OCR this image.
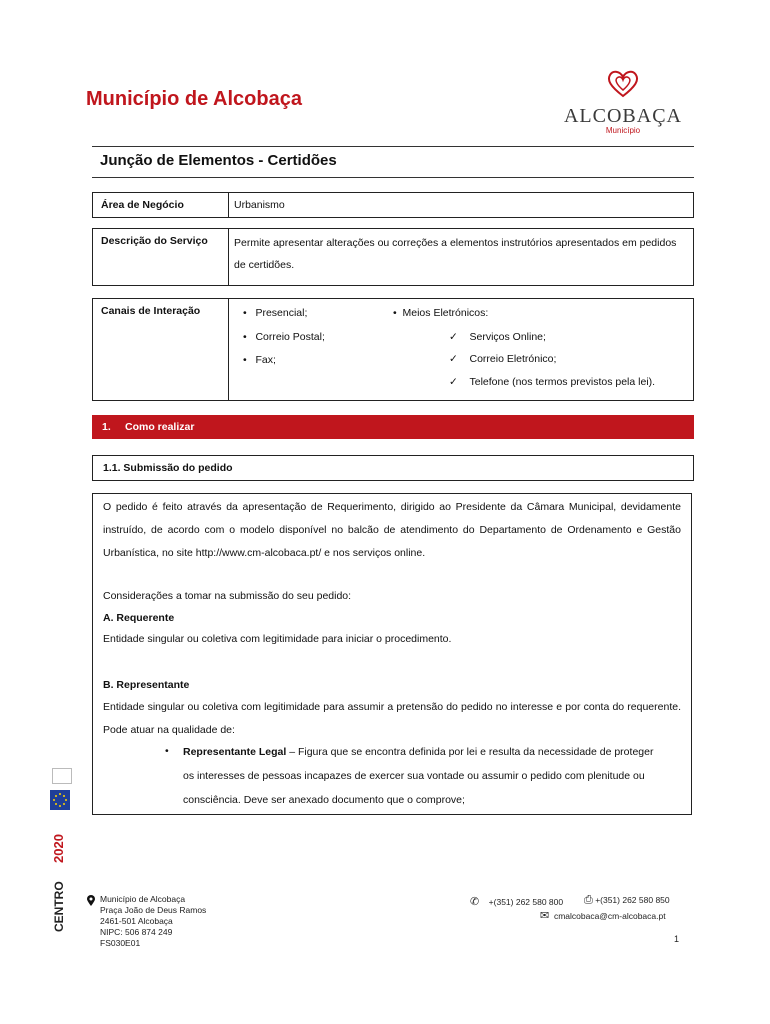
Município de Alcobaça
ALCOBAÇA
Município
Junção de Elementos - Certidões
Área de Negócio	Urbanismo
Descrição do Serviço	Permite apresentar alterações ou correções a elementos instrutórios apresentados em pedidos de certidões.
Canais de Interação	•   Presencial;
•   Correio Postal;
•   Fax;
•  Meios Eletrónicos:
✓ Serviços Online;
✓ Correio Eletrónico;
✓ Telefone (nos termos previstos pela lei).
1. Como realizar
1.1. Submissão do pedido
O pedido é feito através da apresentação de Requerimento, dirigido ao Presidente da Câmara Municipal, devidamente instruído, de acordo com o modelo disponível no balcão de atendimento do Departamento de Ordenamento e Gestão Urbanística, no site http://www.cm-alcobaca.pt/ e nos serviços online.
Considerações a tomar na submissão do seu pedido:
A. Requerente
Entidade singular ou coletiva com legitimidade para iniciar o procedimento.
B. Representante
Entidade singular ou coletiva com legitimidade para assumir a pretensão do pedido no interesse e por conta do requerente. Pode atuar na qualidade de:
•	Representante Legal – Figura que se encontra definida por lei e resulta da necessidade de proteger os interesses de pessoas incapazes de exercer sua vontade ou assumir o pedido com plenitude ou consciência. Deve ser anexado documento que o comprove;
2020
CENTRO	Município de Alcobaça
Praça João de Deus Ramos
2461-501 Alcobaça
NIPC: 506 874 249
FS030E01
✆ +(351) 262 580 800 ⎙ +(351) 262 580 850
✉ cmalcobaca@cm-alcobaca.pt
1
